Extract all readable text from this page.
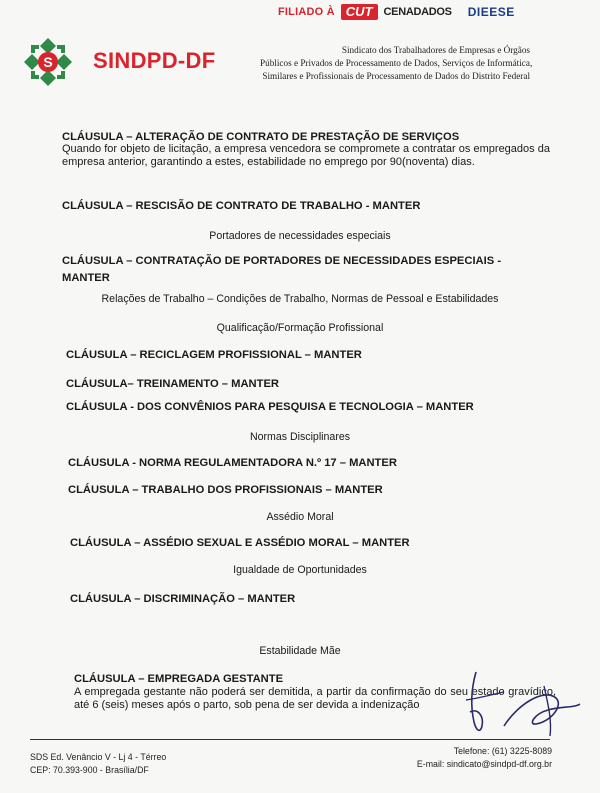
FILIADO À CUT	CENADADOS DIEESE
S SINDPD-DF	Sindicato dos Trabalhadores de Empresas e Órgãos
Públicos e Privados de Processamento de Dados, Serviços de Informática,
Similares e Profissionais de Processamento de Dados do Distrito Federal
CLÁUSULA – ALTERAÇÃO DE CONTRATO DE PRESTAÇÃO DE SERVIÇOS
Quando for objeto de licitação, a empresa vencedora se compromete a contratar os empregados da empresa anterior, garantindo a estes, estabilidade no emprego por 90(noventa) dias.
CLÁUSULA – RESCISÃO DE CONTRATO DE TRABALHO - MANTER
Portadores de necessidades especiais
CLÁUSULA – CONTRATAÇÃO DE PORTADORES DE NECESSIDADES ESPECIAIS -
MANTER
Relações de Trabalho – Condições de Trabalho, Normas de Pessoal e Estabilidades
Qualificação/Formação Profissional
CLÁUSULA – RECICLAGEM PROFISSIONAL – MANTER
CLÁUSULA– TREINAMENTO – MANTER
CLÁUSULA - DOS CONVÊNIOS PARA PESQUISA E TECNOLOGIA – MANTER
Normas Disciplinares
CLÁUSULA - NORMA REGULAMENTADORA N.º 17 – MANTER
CLÁUSULA – TRABALHO DOS PROFISSIONAIS – MANTER
Assédio Moral
CLÁUSULA – ASSÉDIO SEXUAL E ASSÉDIO MORAL – MANTER
Igualdade de Oportunidades
CLÁUSULA – DISCRIMINAÇÃO – MANTER
Estabilidade Mãe
CLÁUSULA – EMPREGADA GESTANTE
A empregada gestante não poderá ser demitida, a partir da confirmação do seu estado gravídico, até 6 (seis) meses após o parto, sob pena de ser devida a indenização
SDS Ed. Venâncio V - Lj 4 - Térreo
CEP: 70.393-900 - Brasília/DF
Telefone: (61) 3225-8089
E-mail: sindicato@sindpd-df.org.br
